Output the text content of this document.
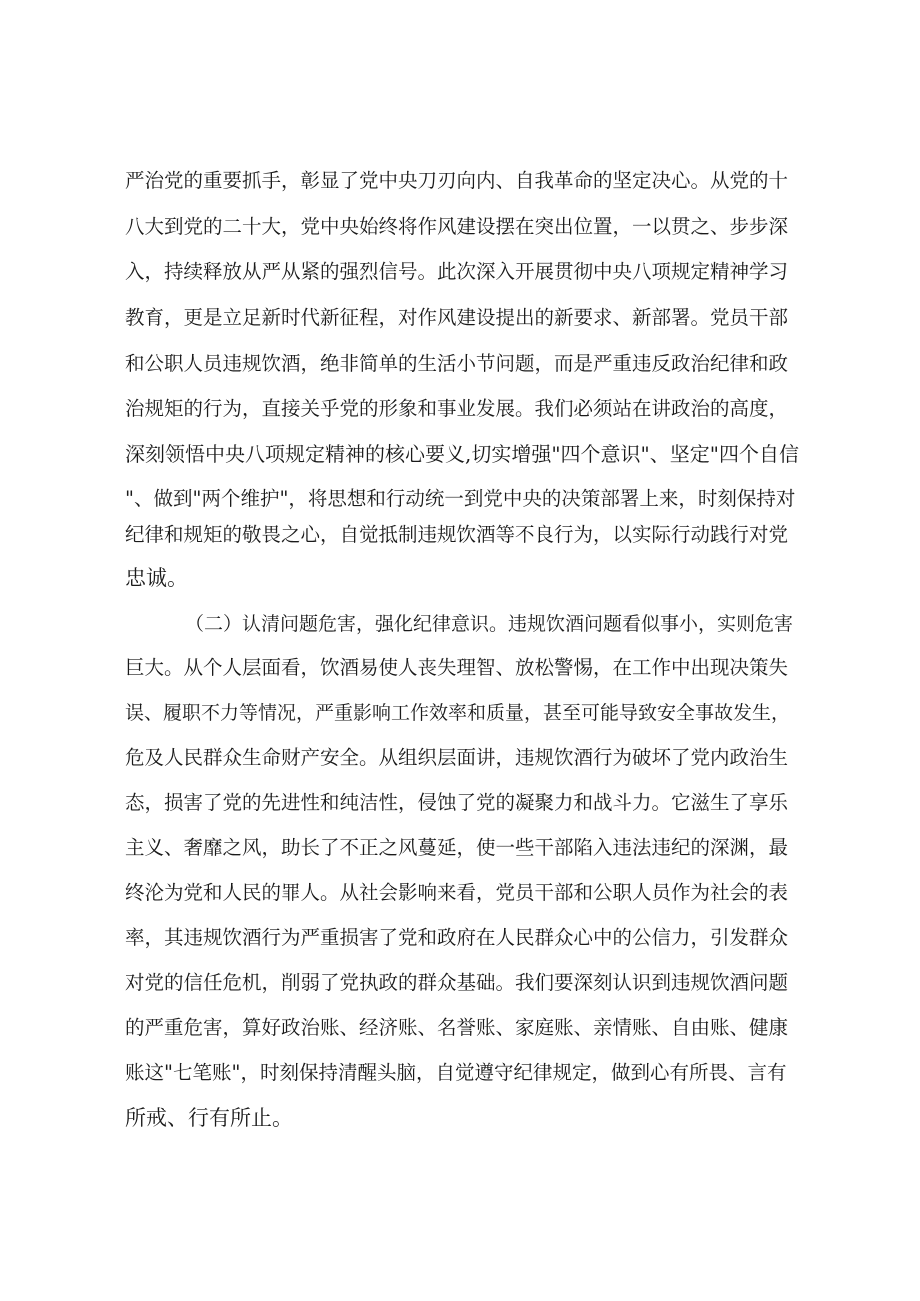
严治党的重要抓手，彰显了党中央刀刃向内、自我革命的坚定决心。从党的十
八大到党的二十大，党中央始终将作风建设摆在突出位置，一以贯之、步步深
入，持续释放从严从紧的强烈信号。此次深入开展贯彻中央八项规定精神学习
教育，更是立足新时代新征程，对作风建设提出的新要求、新部署。党员干部
和公职人员违规饮酒，绝非简单的生活小节问题，而是严重违反政治纪律和政
治规矩的行为，直接关乎党的形象和事业发展。我们必须站在讲政治的高度，
深刻领悟中央八项规定精神的核心要义,切实增强"四个意识"、坚定"四个自信
"、做到"两个维护"，将思想和行动统一到党中央的决策部署上来，时刻保持对
纪律和规矩的敬畏之心，自觉抵制违规饮酒等不良行为，以实际行动践行对党
忠诚。
（二）认清问题危害，强化纪律意识。违规饮酒问题看似事小，实则危害
巨大。从个人层面看，饮酒易使人丧失理智、放松警惕，在工作中出现决策失
误、履职不力等情况，严重影响工作效率和质量，甚至可能导致安全事故发生，
危及人民群众生命财产安全。从组织层面讲，违规饮酒行为破坏了党内政治生
态，损害了党的先进性和纯洁性，侵蚀了党的凝聚力和战斗力。它滋生了享乐
主义、奢靡之风，助长了不正之风蔓延，使一些干部陷入违法违纪的深渊，最
终沦为党和人民的罪人。从社会影响来看，党员干部和公职人员作为社会的表
率，其违规饮酒行为严重损害了党和政府在人民群众心中的公信力，引发群众
对党的信任危机，削弱了党执政的群众基础。我们要深刻认识到违规饮酒问题
的严重危害，算好政治账、经济账、名誉账、家庭账、亲情账、自由账、健康
账这"七笔账"，时刻保持清醒头脑，自觉遵守纪律规定，做到心有所畏、言有
所戒、行有所止。
